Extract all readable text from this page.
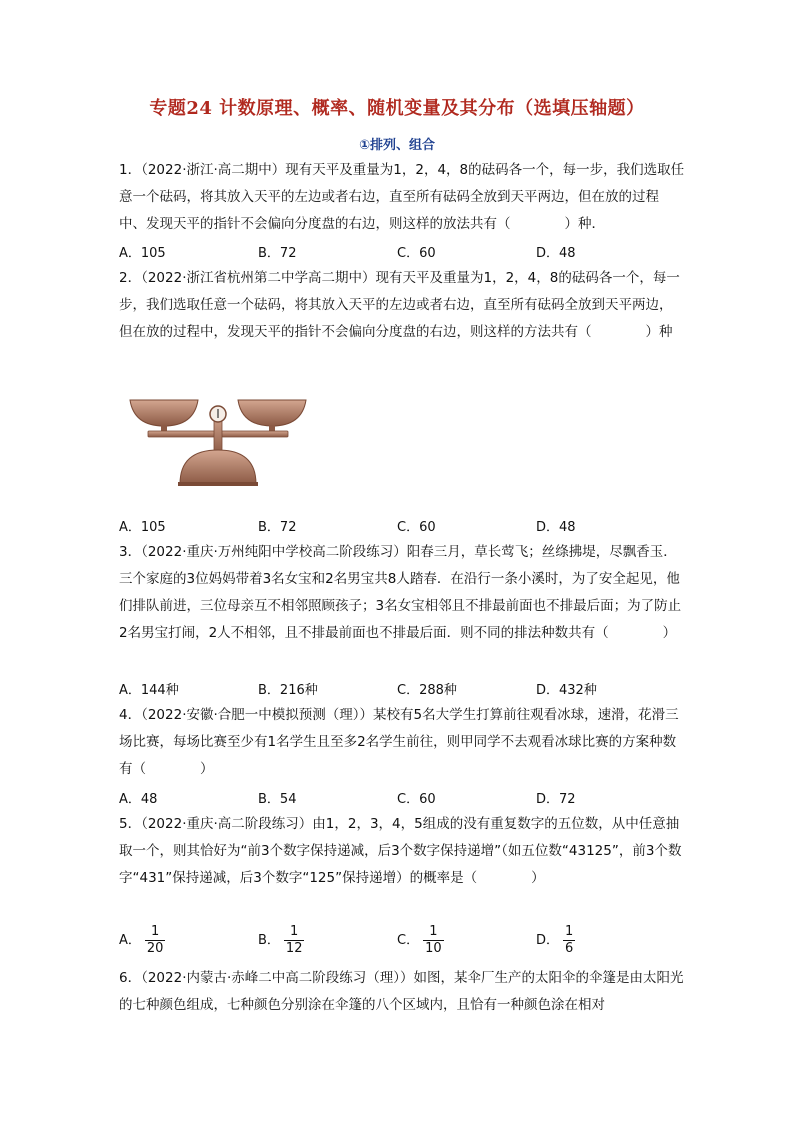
专题24 计数原理、概率、随机变量及其分布（选填压轴题）
①排列、组合
1．（2022·浙江·高二期中）现有天平及重量为1，2，4，8的砝码各一个，每一步，我们选取任意一个砝码，将其放入天平的左边或者右边，直至所有砝码全放到天平两边，但在放的过程中、发现天平的指针不会偏向分度盘的右边，则这样的放法共有（　　　　）种．
A．105	B．72	C．60	D．48
2．（2022·浙江省杭州第二中学高二期中）现有天平及重量为1，2，4，8的砝码各一个，每一步，我们选取任意一个砝码，将其放入天平的左边或者右边，直至所有砝码全放到天平两边，但在放的过程中，发现天平的指针不会偏向分度盘的右边，则这样的方法共有（　　　　）种
A．105	B．72	C．60	D．48
3．（2022·重庆·万州纯阳中学校高二阶段练习）阳春三月，草长莺飞；丝绦拂堤，尽飘香玉．三个家庭的3位妈妈带着3名女宝和2名男宝共8人踏春．在沿行一条小溪时，为了安全起见，他们排队前进，三位母亲互不相邻照顾孩子；3名女宝相邻且不排最前面也不排最后面；为了防止2名男宝打闹，2人不相邻，且不排最前面也不排最后面．则不同的排法种数共有（　　　　）
A．144种	B．216种	C．288种	D．432种
4．（2022·安徽·合肥一中模拟预测（理））某校有5名大学生打算前往观看冰球，速滑，花滑三场比赛，每场比赛至少有1名学生且至多2名学生前往，则甲同学不去观看冰球比赛的方案种数有（　　　　）
A．48	B．54	C．60	D．72
5．（2022·重庆·高二阶段练习）由1，2，3，4，5组成的没有重复数字的五位数，从中任意抽取一个，则其恰好为“前3个数字保持递减，后3个数字保持递增”（如五位数“43125”，前3个数字“431”保持递减，后3个数字“125”保持递增）的概率是（　　　　）
A． $\frac{1}{20}$	B． $\frac{1}{12}$	C． $\frac{1}{10}$	D． $\frac{1}{6}$
6．（2022·内蒙古·赤峰二中高二阶段练习（理））如图，某伞厂生产的太阳伞的伞篷是由太阳光的七种颜色组成，七种颜色分别涂在伞篷的八个区域内，且恰有一种颜色涂在相对
